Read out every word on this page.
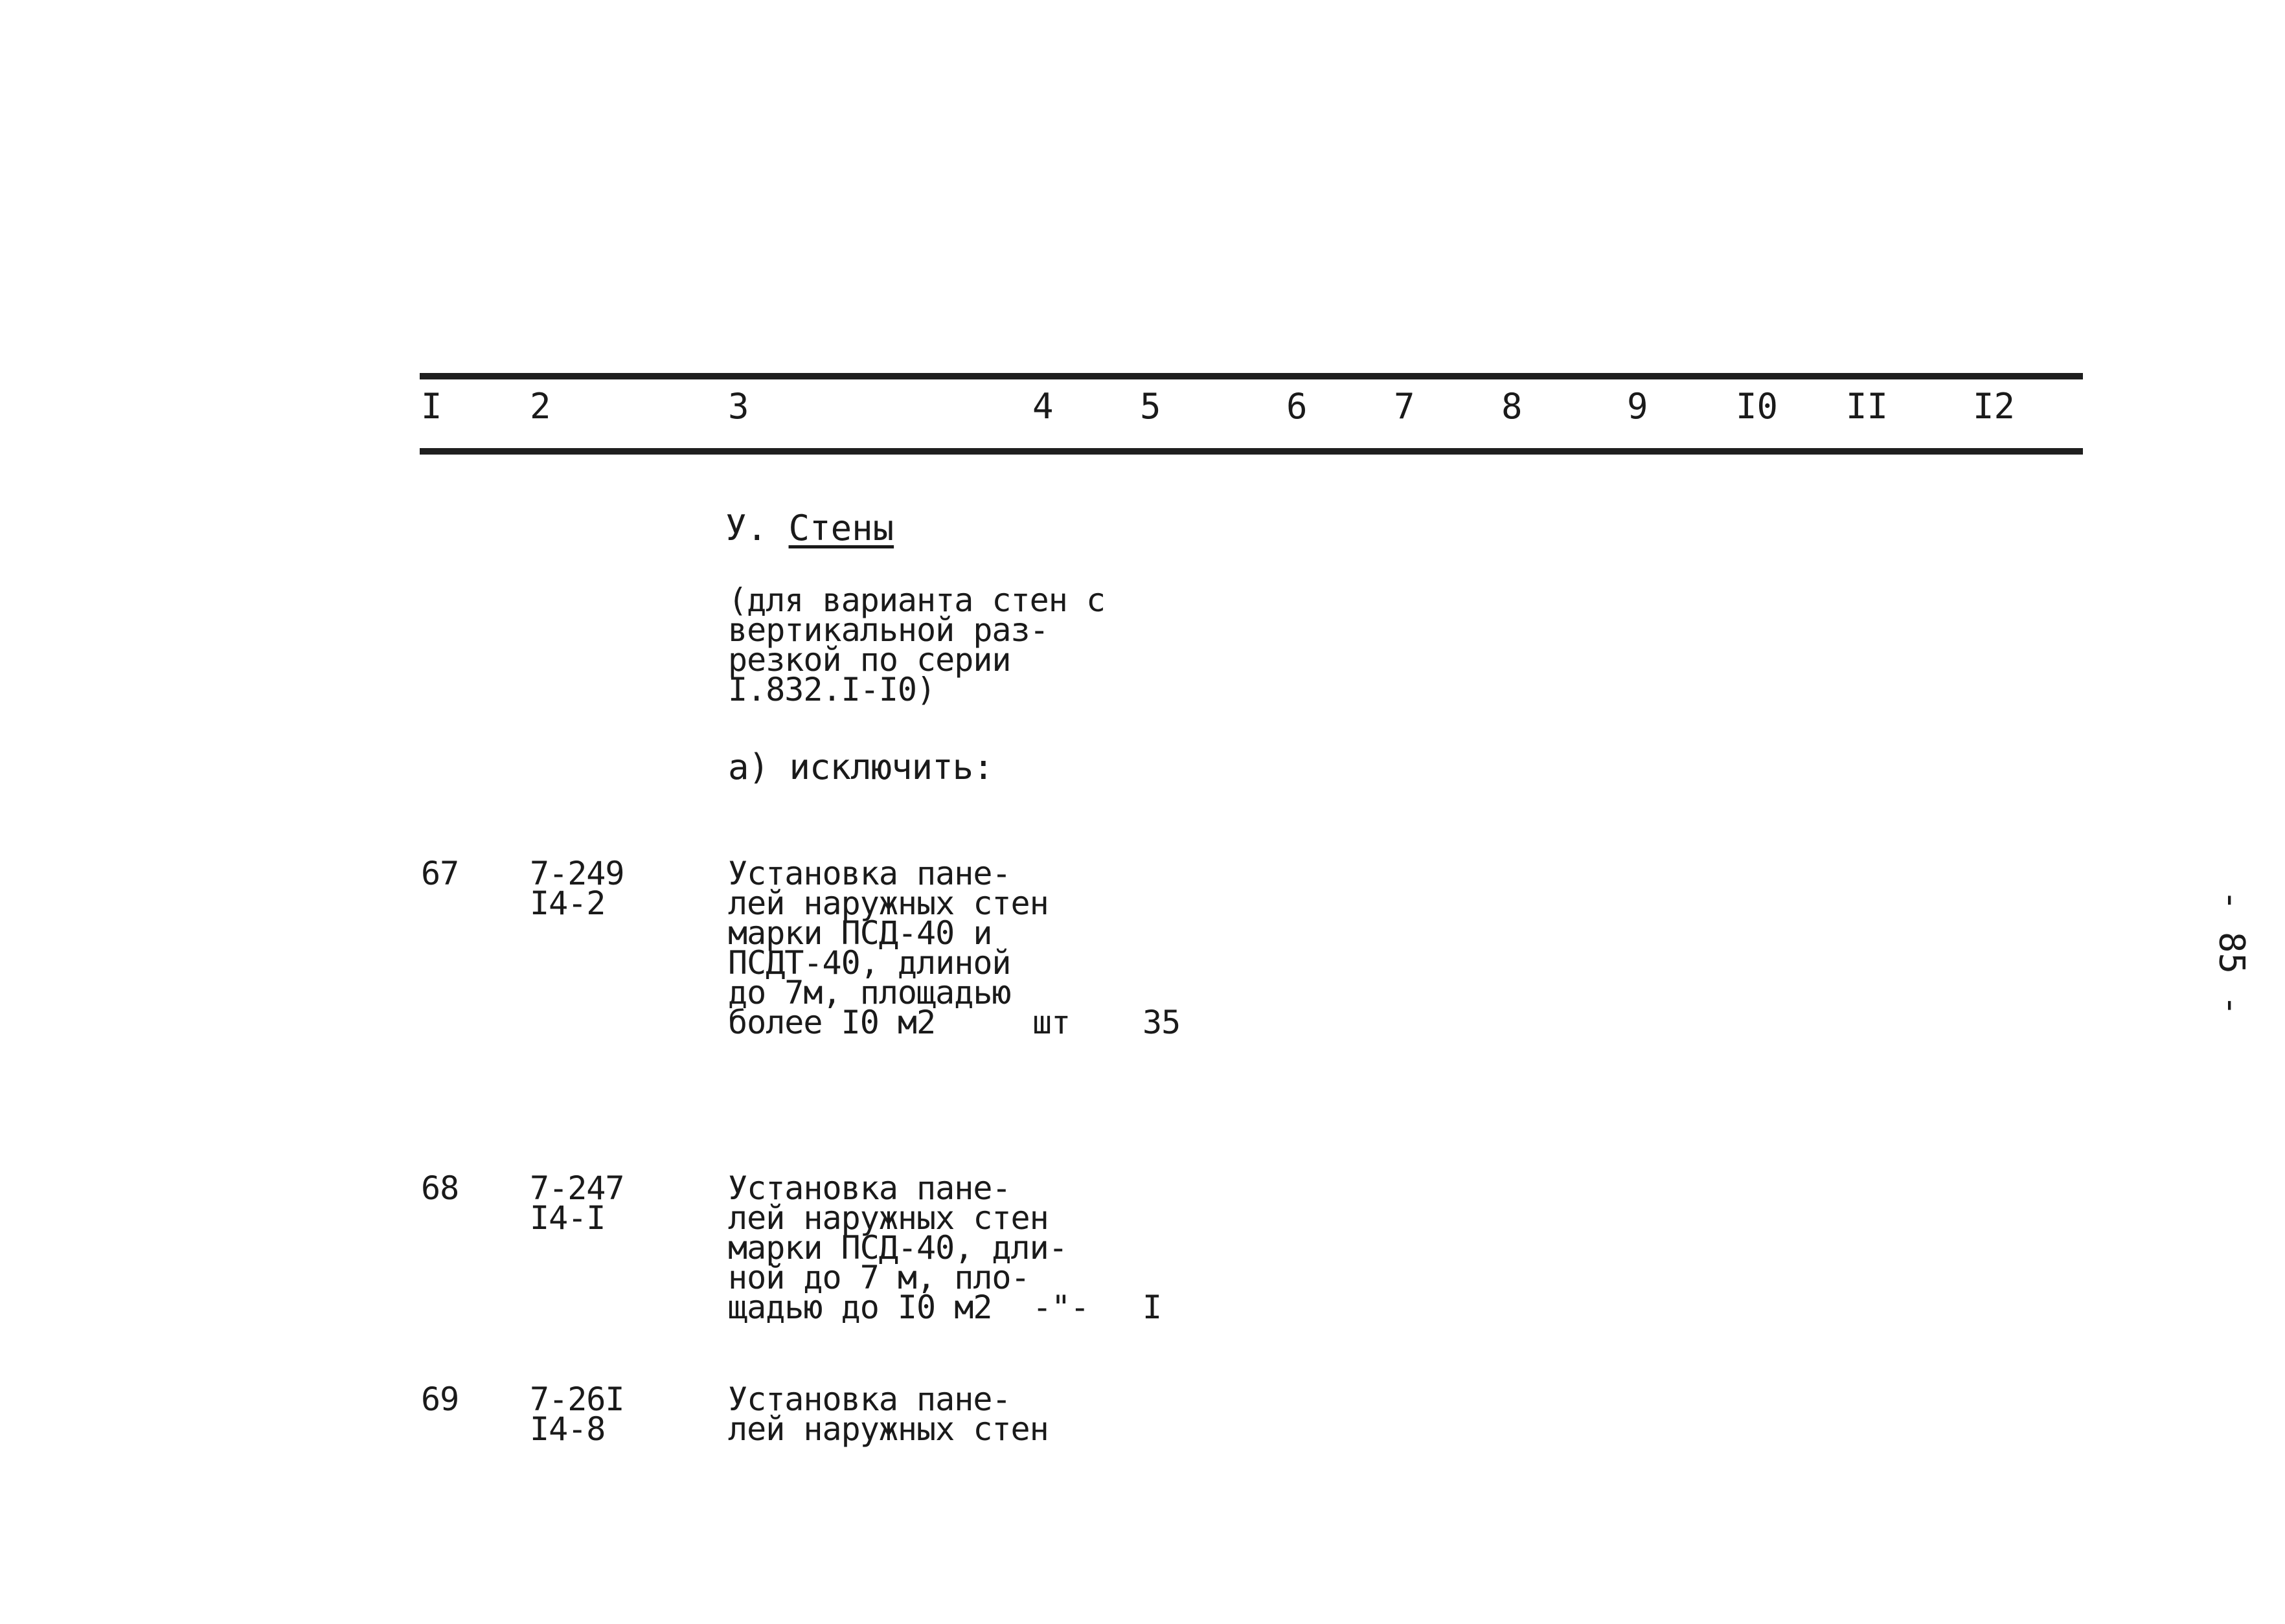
I	2	3	4 5	6 7 8	9	I0 II I2
У. Стены
(для варианта стен с
вертикальной раз-
резкой по серии
I.832.I-I0)
а) исключить:
67 7-249
I4-2
Установка пане-
лей наружных стен
марки ПСД-40 и
ПСДТ-40, длиной
до 7м, площадью
более I0 м2	шт 35
68 7-247
I4-I
Установка пане-
лей наружных стен
марки ПСД-40, дли-
ной до 7 м, пло-
щадью до I0 м2	-"- I
69 7-26I
I4-8
Установка пане-
лей наружных стен
- 85 -
